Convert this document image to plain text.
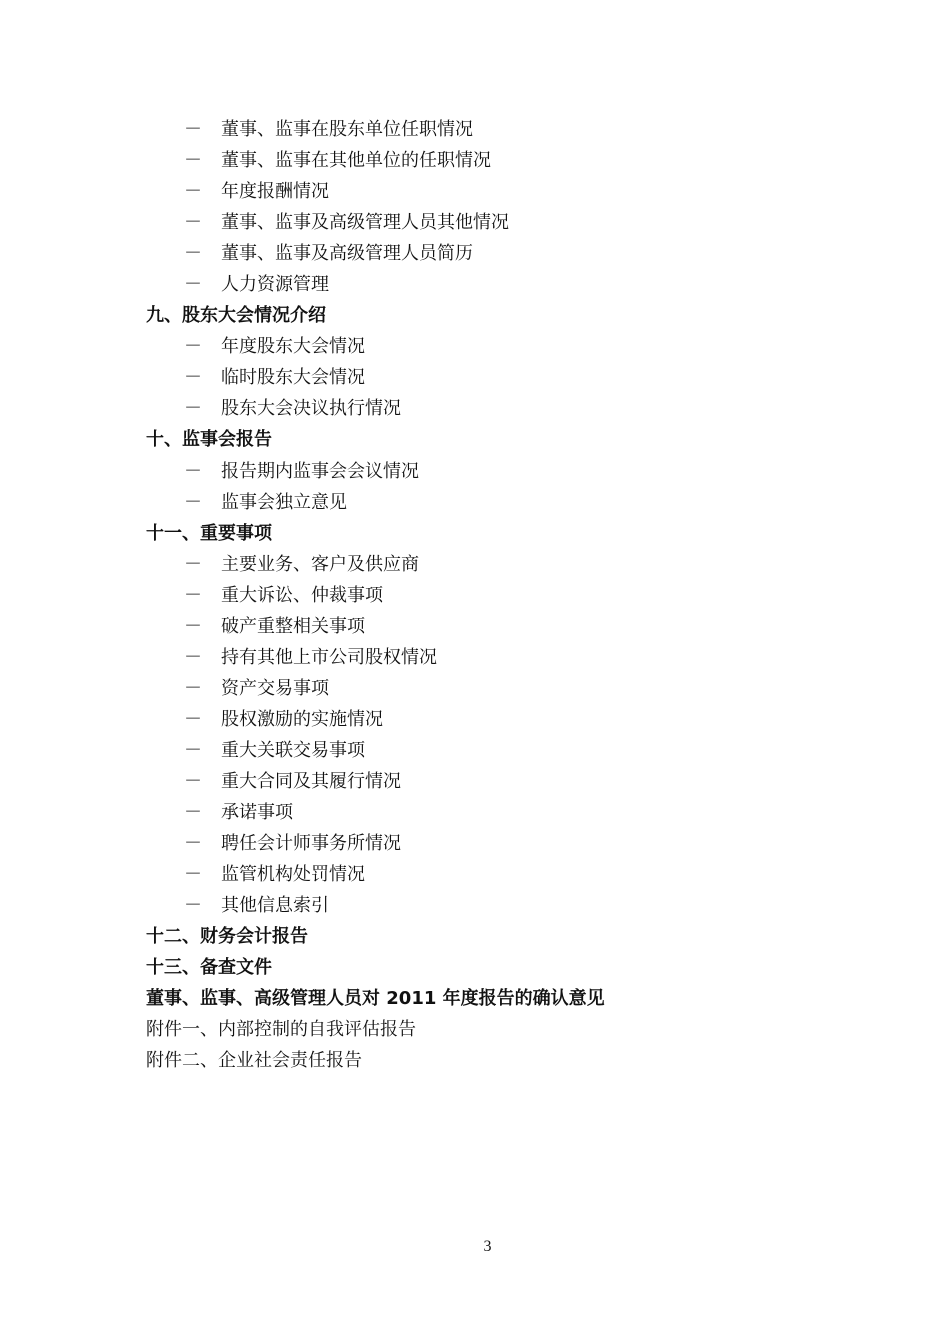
－ 董事、监事在股东单位任职情况
－ 董事、监事在其他单位的任职情况
－ 年度报酬情况
－ 董事、监事及高级管理人员其他情况
－ 董事、监事及高级管理人员简历
－ 人力资源管理
九、股东大会情况介绍
－ 年度股东大会情况
－ 临时股东大会情况
－ 股东大会决议执行情况
十、监事会报告
－ 报告期内监事会会议情况
－ 监事会独立意见
十一、重要事项
－ 主要业务、客户及供应商
－ 重大诉讼、仲裁事项
－ 破产重整相关事项
－ 持有其他上市公司股权情况
－ 资产交易事项
－ 股权激励的实施情况
－ 重大关联交易事项
－ 重大合同及其履行情况
－ 承诺事项
－ 聘任会计师事务所情况
－ 监管机构处罚情况
－ 其他信息索引
十二、财务会计报告
十三、备查文件
董事、监事、高级管理人员对 2011 年度报告的确认意见
附件一、内部控制的自我评估报告
附件二、企业社会责任报告
3
